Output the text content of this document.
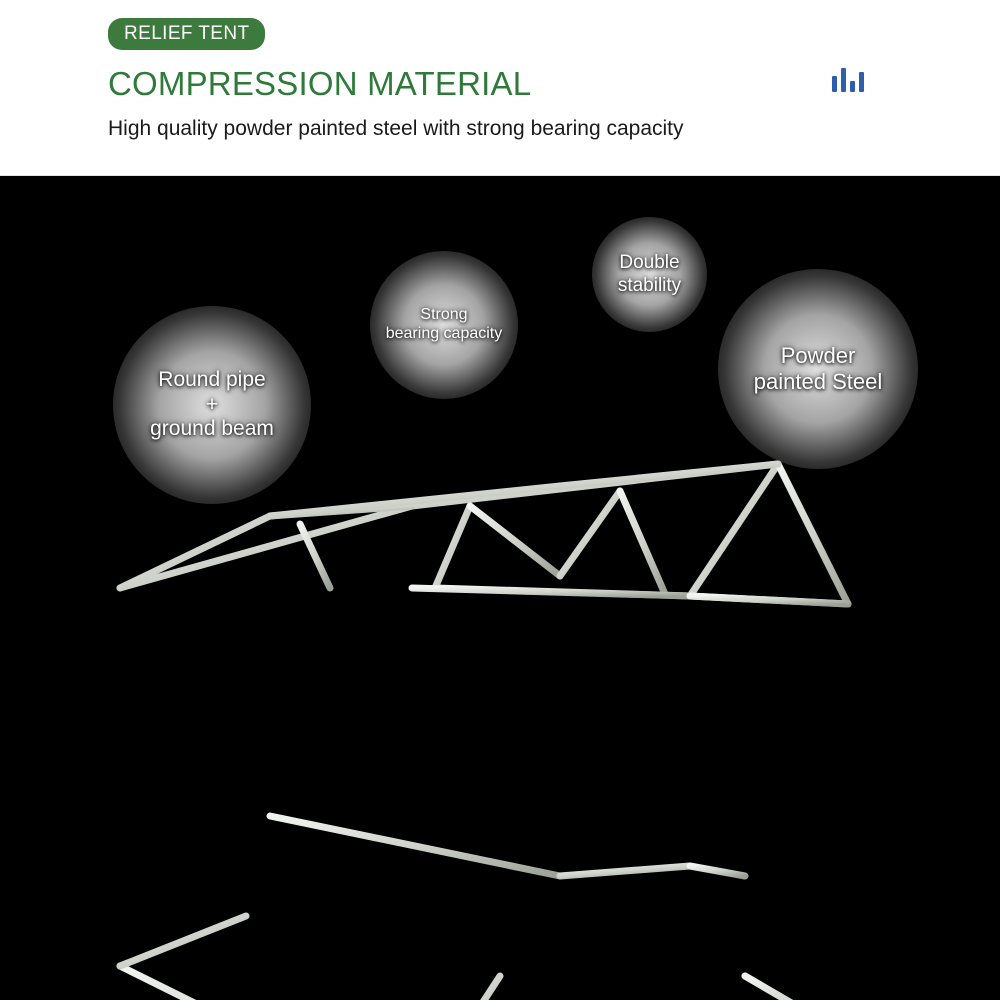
RELIEF TENT
COMPRESSION MATERIAL
High quality powder painted steel with strong bearing capacity
Round pipe
+
ground beam
Strong
bearing capacity
Double
stability
Powder
painted Steel
